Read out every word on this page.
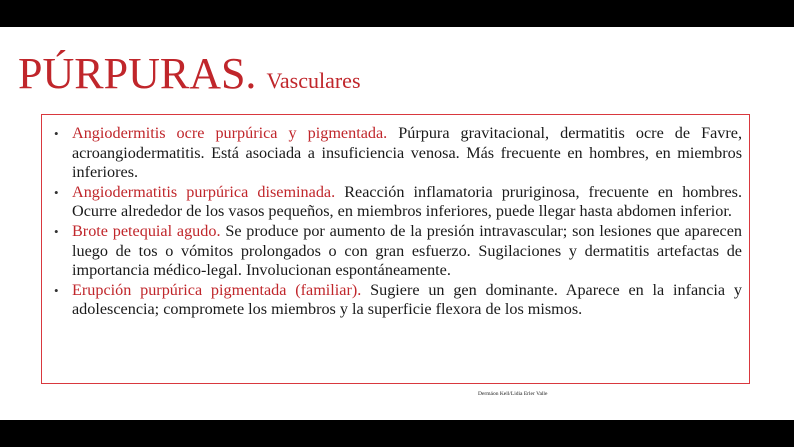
PÚRPURAS. Vasculares
• Angiodermitis ocre purpúrica y pigmentada. Púrpura gravitacional, dermatitis ocre de Favre, acroangiodermatitis. Está asociada a insuficiencia venosa. Más frecuente en hombres, en miembros inferiores.
• Angiodermatitis purpúrica diseminada. Reacción inflamatoria pruriginosa, frecuente en hombres. Ocurre alrededor de los vasos pequeños, en miembros inferiores, puede llegar hasta abdomen inferior.
• Brote petequial agudo. Se produce por aumento de la presión intravascular; son lesiones que aparecen luego de tos o vómitos prolongados o con gran esfuerzo. Sugilaciones y dermatitis artefactas de importancia médico-legal. Involucionan espontáneamente.
• Erupción purpúrica pigmentada (familiar). Sugiere un gen dominante. Aparece en la infancia y adolescencia; compromete los miembros y la superficie flexora de los mismos.
Dermáon Kell/Lidia Erler Valle
